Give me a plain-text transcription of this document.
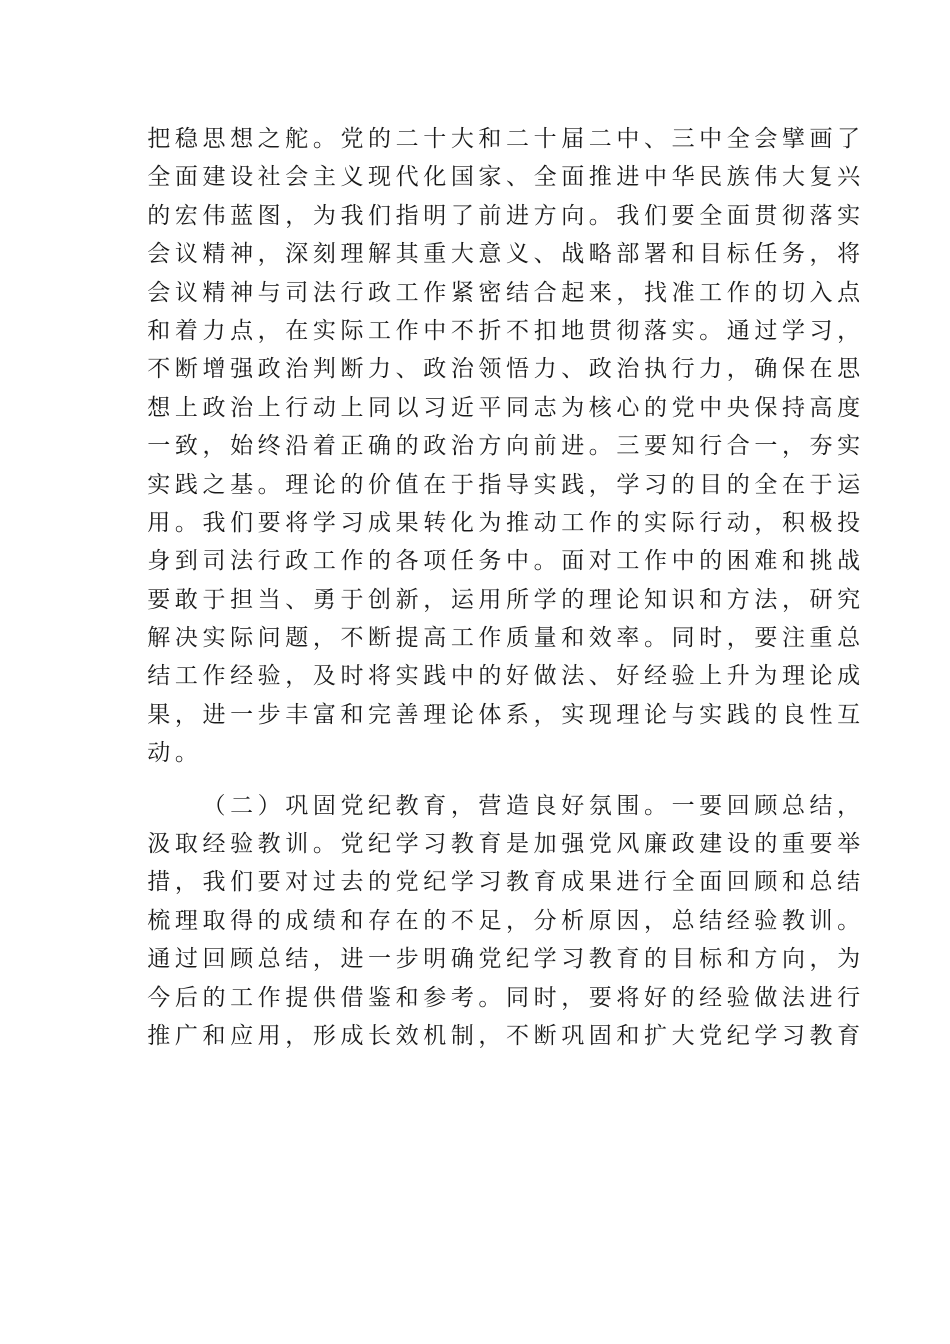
把 稳 思 想 之 舵 。 党 的 二 十 大 和 二 十 届 二 中 、 三 中 全 会 擘 画 了
全 面 建 设 社 会 主 义 现 代 化 国 家 、 全 面 推 进 中 华 民 族 伟 大 复 兴
的 宏 伟 蓝 图 ， 为 我 们 指 明 了 前 进 方 向 。 我 们 要 全 面 贯 彻 落 实
会 议 精 神 ， 深 刻 理 解 其 重 大 意 义 、 战 略 部 署 和 目 标 任 务 ， 将
会 议 精 神 与 司 法 行 政 工 作 紧 密 结 合 起 来 ， 找 准 工 作 的 切 入 点
和 着 力 点 ， 在 实 际 工 作 中 不 折 不 扣 地 贯 彻 落 实 。 通 过 学 习 ，
不 断 增 强 政 治 判 断 力 、 政 治 领 悟 力 、 政 治 执 行 力 ， 确 保 在 思
想 上 政 治 上 行 动 上 同 以 习 近 平 同 志 为 核 心 的 党 中 央 保 持 高 度
一 致 ， 始 终 沿 着 正 确 的 政 治 方 向 前 进 。 三 要 知 行 合 一 ， 夯 实
实 践 之 基 。 理 论 的 价 值 在 于 指 导 实 践 ， 学 习 的 目 的 全 在 于 运
用 。 我 们 要 将 学 习 成 果 转 化 为 推 动 工 作 的 实 际 行 动 ， 积 极 投
身 到 司 法 行 政 工 作 的 各 项 任 务 中 。 面 对 工 作 中 的 困 难 和 挑 战
要 敢 于 担 当 、 勇 于 创 新 ， 运 用 所 学 的 理 论 知 识 和 方 法 ， 研 究
解 决 实 际 问 题 ， 不 断 提 高 工 作 质 量 和 效 率 。 同 时 ， 要 注 重 总
结 工 作 经 验 ， 及 时 将 实 践 中 的 好 做 法 、 好 经 验 上 升 为 理 论 成
果 ， 进 一 步 丰 富 和 完 善 理 论 体 系 ， 实 现 理 论 与 实 践 的 良 性 互
动 。
　　（ 二 ） 巩 固 党 纪 教 育 ， 营 造 良 好 氛 围 。 一 要 回 顾 总 结 ，
汲 取 经 验 教 训 。 党 纪 学 习 教 育 是 加 强 党 风 廉 政 建 设 的 重 要 举
措 ， 我 们 要 对 过 去 的 党 纪 学 习 教 育 成 果 进 行 全 面 回 顾 和 总 结
梳 理 取 得 的 成 绩 和 存 在 的 不 足 ， 分 析 原 因 ， 总 结 经 验 教 训 。
通 过 回 顾 总 结 ， 进 一 步 明 确 党 纪 学 习 教 育 的 目 标 和 方 向 ， 为
今 后 的 工 作 提 供 借 鉴 和 参 考 。 同 时 ， 要 将 好 的 经 验 做 法 进 行
推 广 和 应 用 ， 形 成 长 效 机 制 ， 不 断 巩 固 和 扩 大 党 纪 学 习 教 育
